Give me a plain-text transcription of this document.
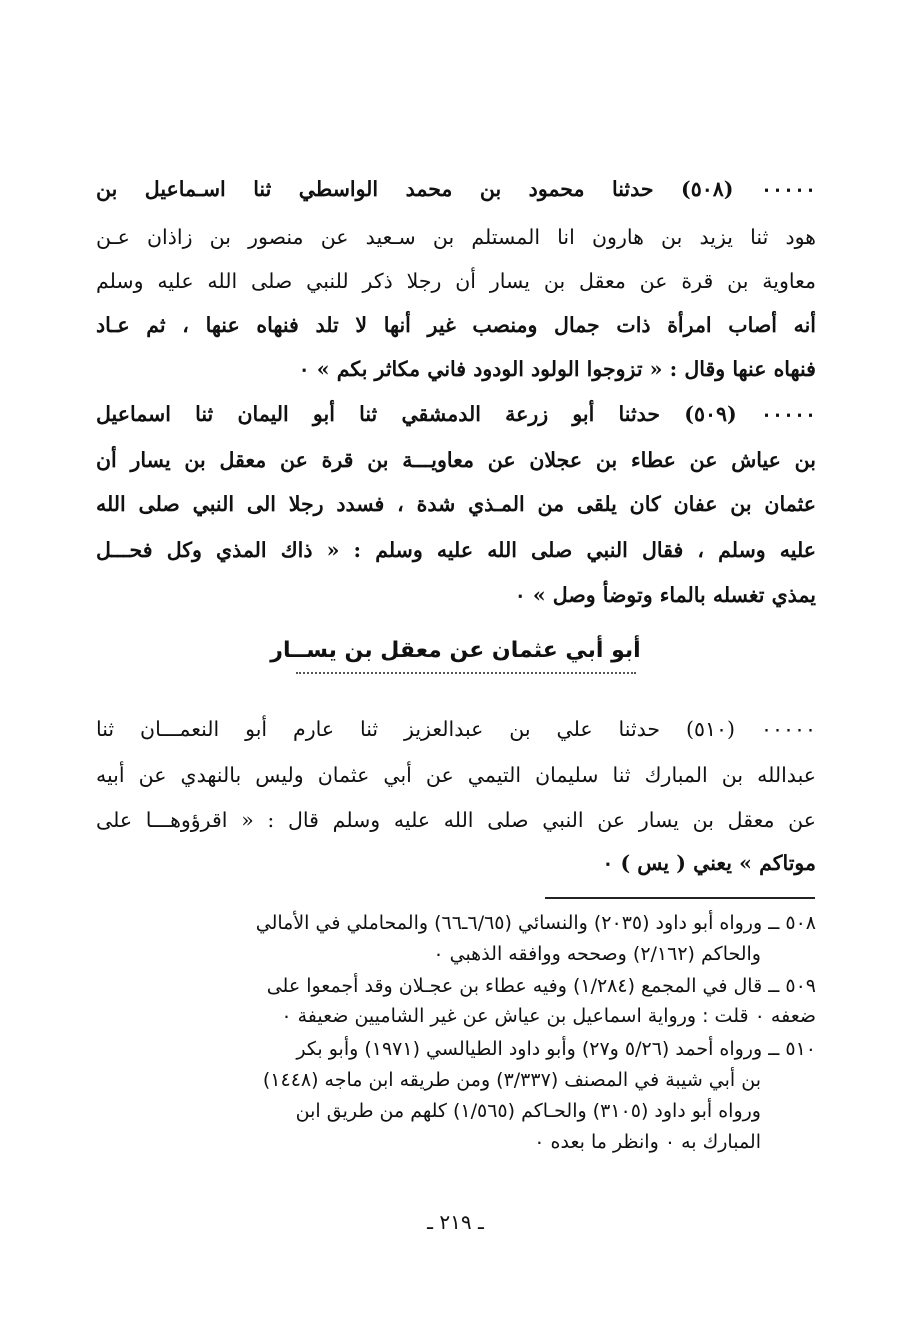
٠٠٠٠٠ (٥٠٨) حدثنا محمود بن محمد الواسطي ثنا اسـماعيل بن
هود ثنا يزيد بن هارون انا المستلم بن سـعيد عن منصور بن زاذان عـن
معاوية بن قرة عن معقل بن يسار أن رجلا ذكر للنبي صلى الله عليه وسلم
أنه أصاب امرأة ذات جمال ومنصب غير أنها لا تلد فنهاه عنها ، ثم عـاد
فنهاه عنها وقال : « تزوجوا الولود الودود فاني مكاثر بكم » ٠
٠٠٠٠٠ (٥٠٩) حدثنا أبو زرعة الدمشقي ثنا أبو اليمان ثنا اسماعيل
بن عياش عن عطاء بن عجلان عن معاويـــة بن قرة عن معقل بن يسار أن
عثمان بن عفان كان يلقى من المـذي شدة ، فسدد رجلا الى النبي صلى الله
عليه وسلم ، فقال النبي صلى الله عليه وسلم : « ذاك المذي وكل فحـــل
يمذي تغسله بالماء وتوضأ وصل » ٠
أبو أبي عثمان عن معقل بن يســار
٠٠٠٠٠ (٥١٠) حدثنا علي بن عبدالعزيز ثنا عارم أبو النعمـــان ثنا
عبدالله بن المبارك ثنا سليمان التيمي عن أبي عثمان وليس بالنهدي عن أبيه
عن معقل بن يسار عن النبي صلى الله عليه وسلم قال : « اقرؤوهـــا على
موتاكم » يعني ( يس ) ٠
٥٠٨ ــ ورواه أبو داود (٢٠٣٥) والنسائي (٦/٦٥ـ٦٦) والمحاملي في الأمالي
والحاكم (٢/١٦٢) وصححه ووافقه الذهبي ٠
٥٠٩ ــ قال في المجمع (١/٢٨٤) وفيه عطاء بن عجـلان وقد أجمعوا على
ضعفه ٠ قلت : ورواية اسماعيل بن عياش عن غير الشاميين ضعيفة ٠
٥١٠ ــ ورواه أحمد (٥/٢٦ و٢٧) وأبو داود الطيالسي (١٩٧١) وأبو بكر
بن أبي شيبة في المصنف (٣/٣٣٧) ومن طريقه ابن ماجه (١٤٤٨)
ورواه أبو داود (٣١٠٥) والحـاكم (١/٥٦٥) كلهم من طريق ابن
المبارك به ٠ وانظر ما بعده ٠
ـ ٢١٩ ـ
